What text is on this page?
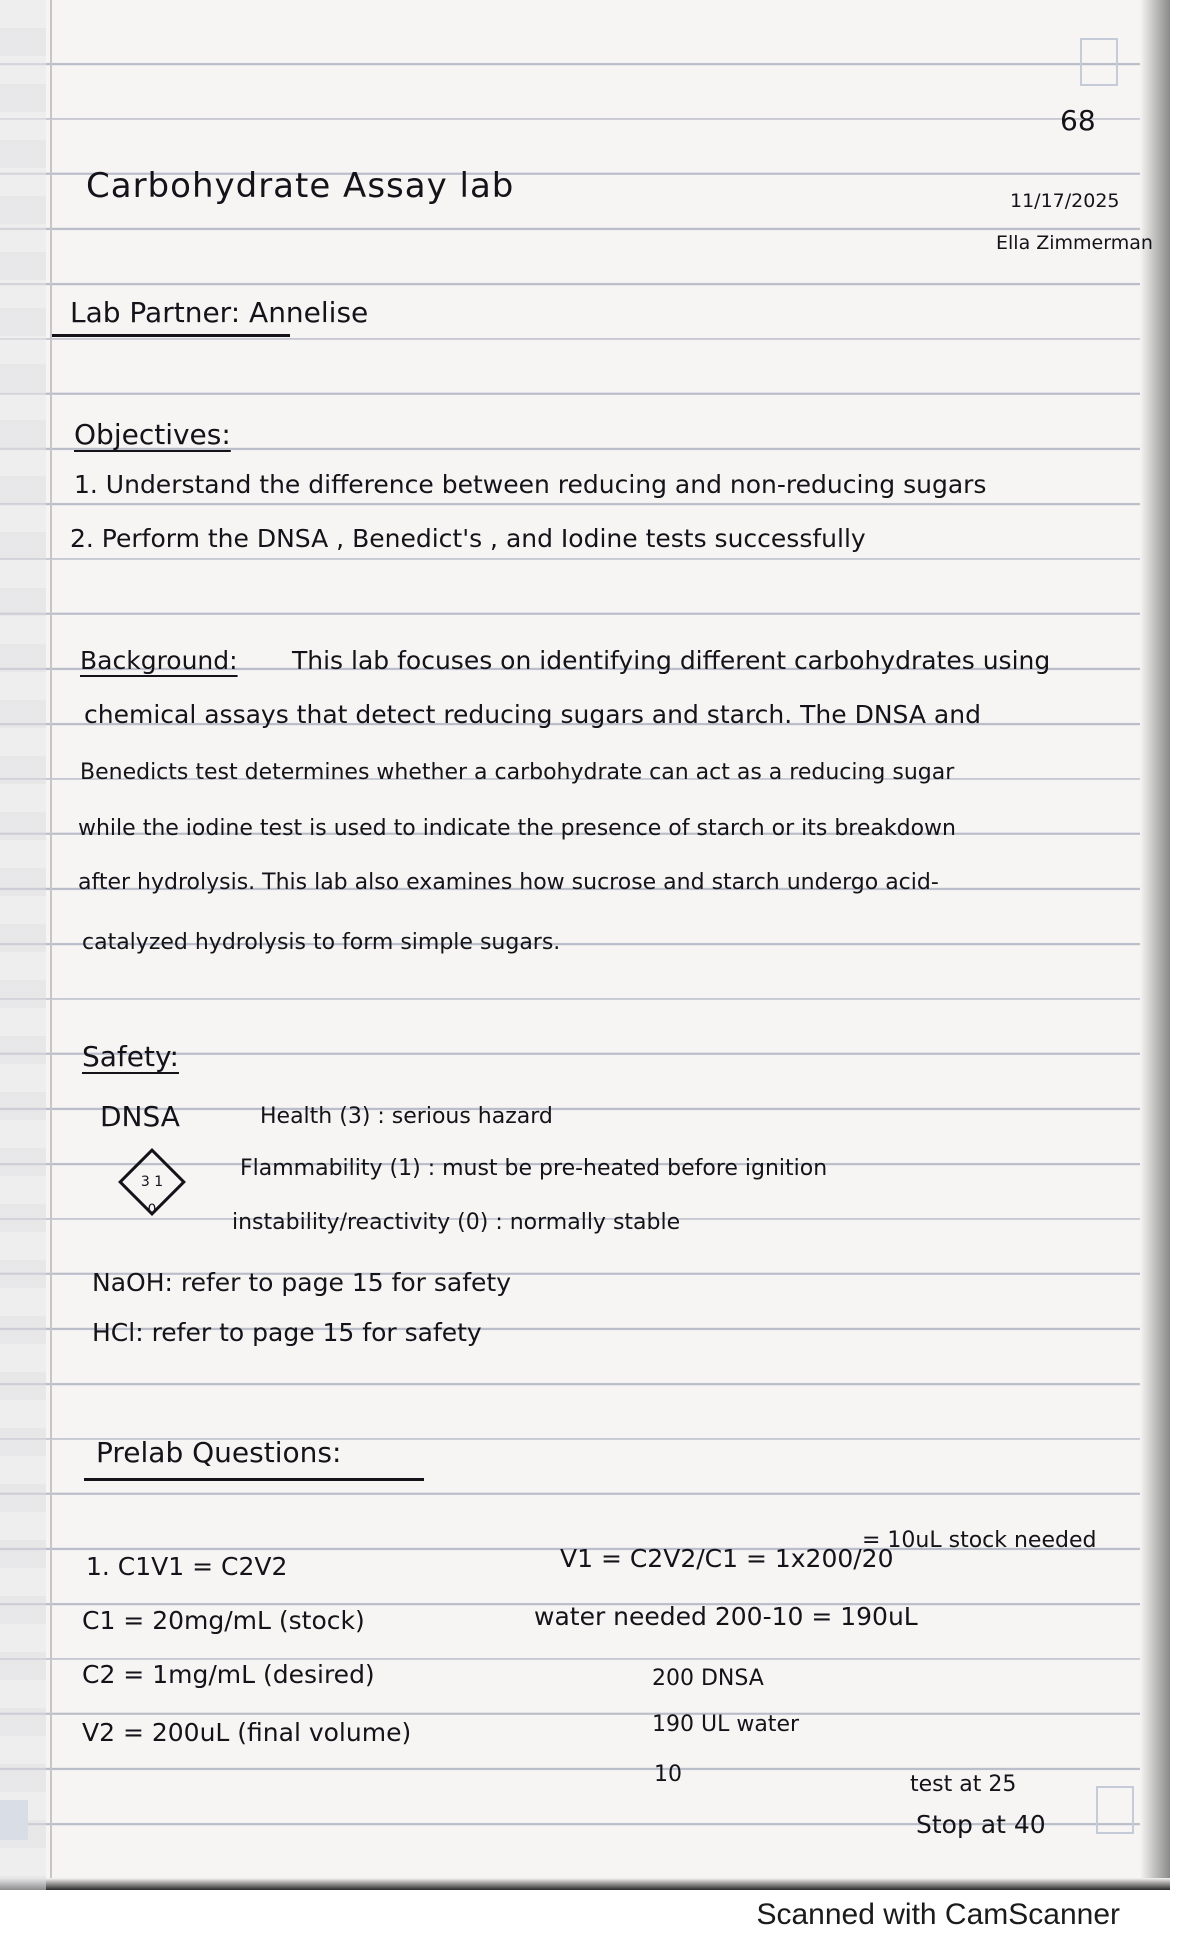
68
Carbohydrate Assay lab	11/17/2025
Ella Zimmerman
Lab Partner: Annelise
Objectives:
1. Understand the difference between reducing and non-reducing sugars
2. Perform the DNSA , Benedict's , and Iodine tests successfully
Background: This lab focuses on identifying different carbohydrates using
chemical assays that detect reducing sugars and starch. The DNSA and
Benedicts test determines whether a carbohydrate can act as a reducing sugar
while the iodine test is used to indicate the presence of starch or its breakdown
after hydrolysis. This lab also examines how sucrose and starch undergo acid-
catalyzed hydrolysis to form simple sugars.
Safety:
DNSA	Health (3) : serious hazard
Flammability (1) : must be pre-heated before ignition
instability/reactivity (0) : normally stable
3 1 0
NaOH: refer to page 15 for safety
HCl: refer to page 15 for safety
Prelab Questions:
1. C1V1 = C2V2
C1 = 20mg/mL (stock)
C2 = 1mg/mL (desired)
V2 = 200uL (final volume)
V1 = C2V2/C1 = 1x200/20
= 10uL stock needed
water needed 200-10 = 190uL
200 DNSA
190 UL water
10	test at 25
Stop at 40
Scanned with CamScanner
